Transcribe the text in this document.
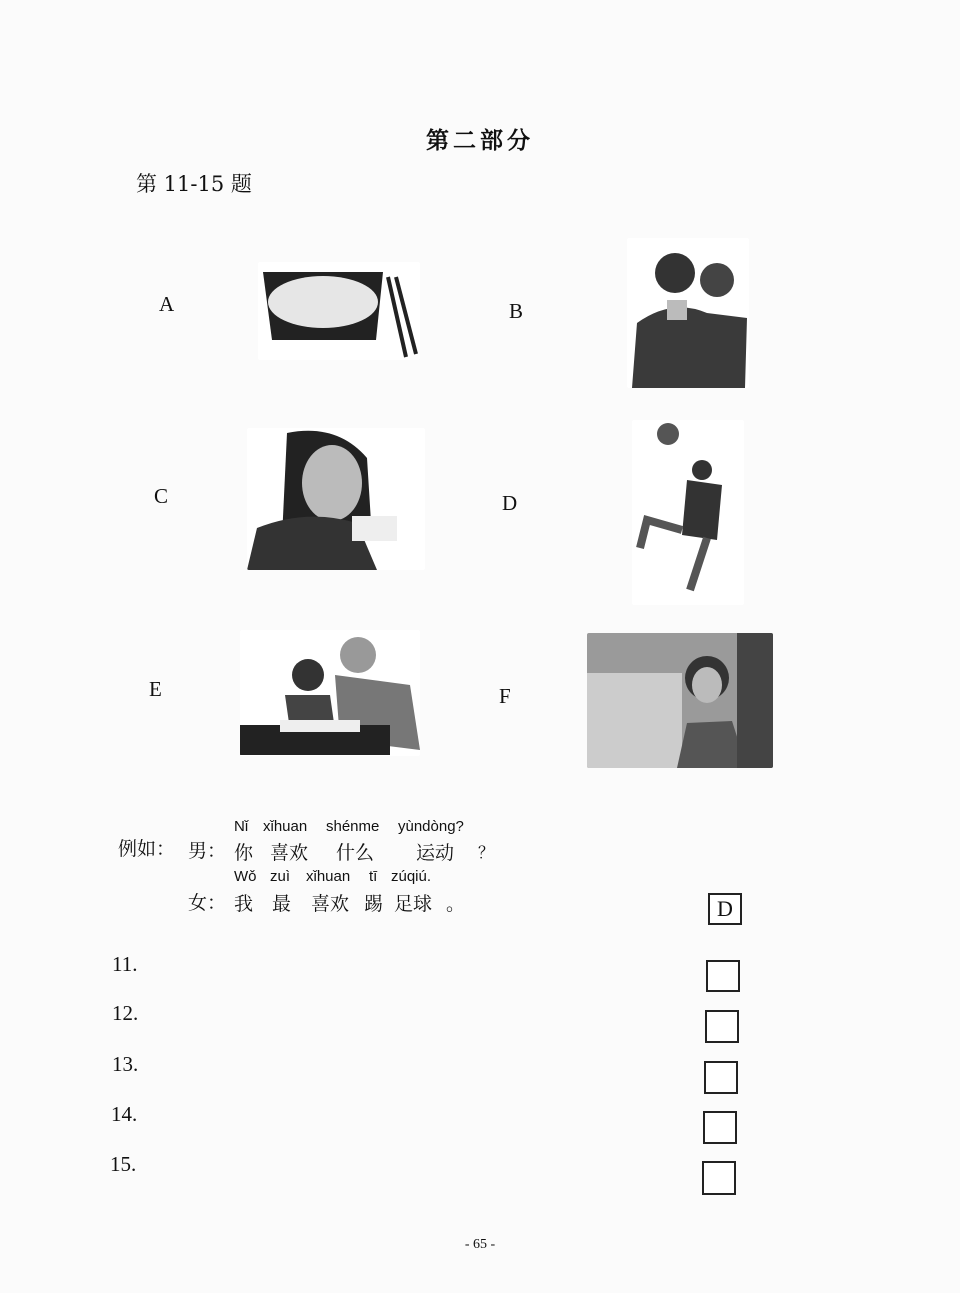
第二部分
第 11-15 题
A	B
C	D
E	F
例如： 男：
Nǐ xǐhuan shénme yùndòng?
你 喜欢 什么 运动 ？
女：
Wǒ zuì xǐhuan tī zúqiú.
我 最 喜欢 踢 足球 。	D
11.
12.
13.
14.
15.
- 65 -
